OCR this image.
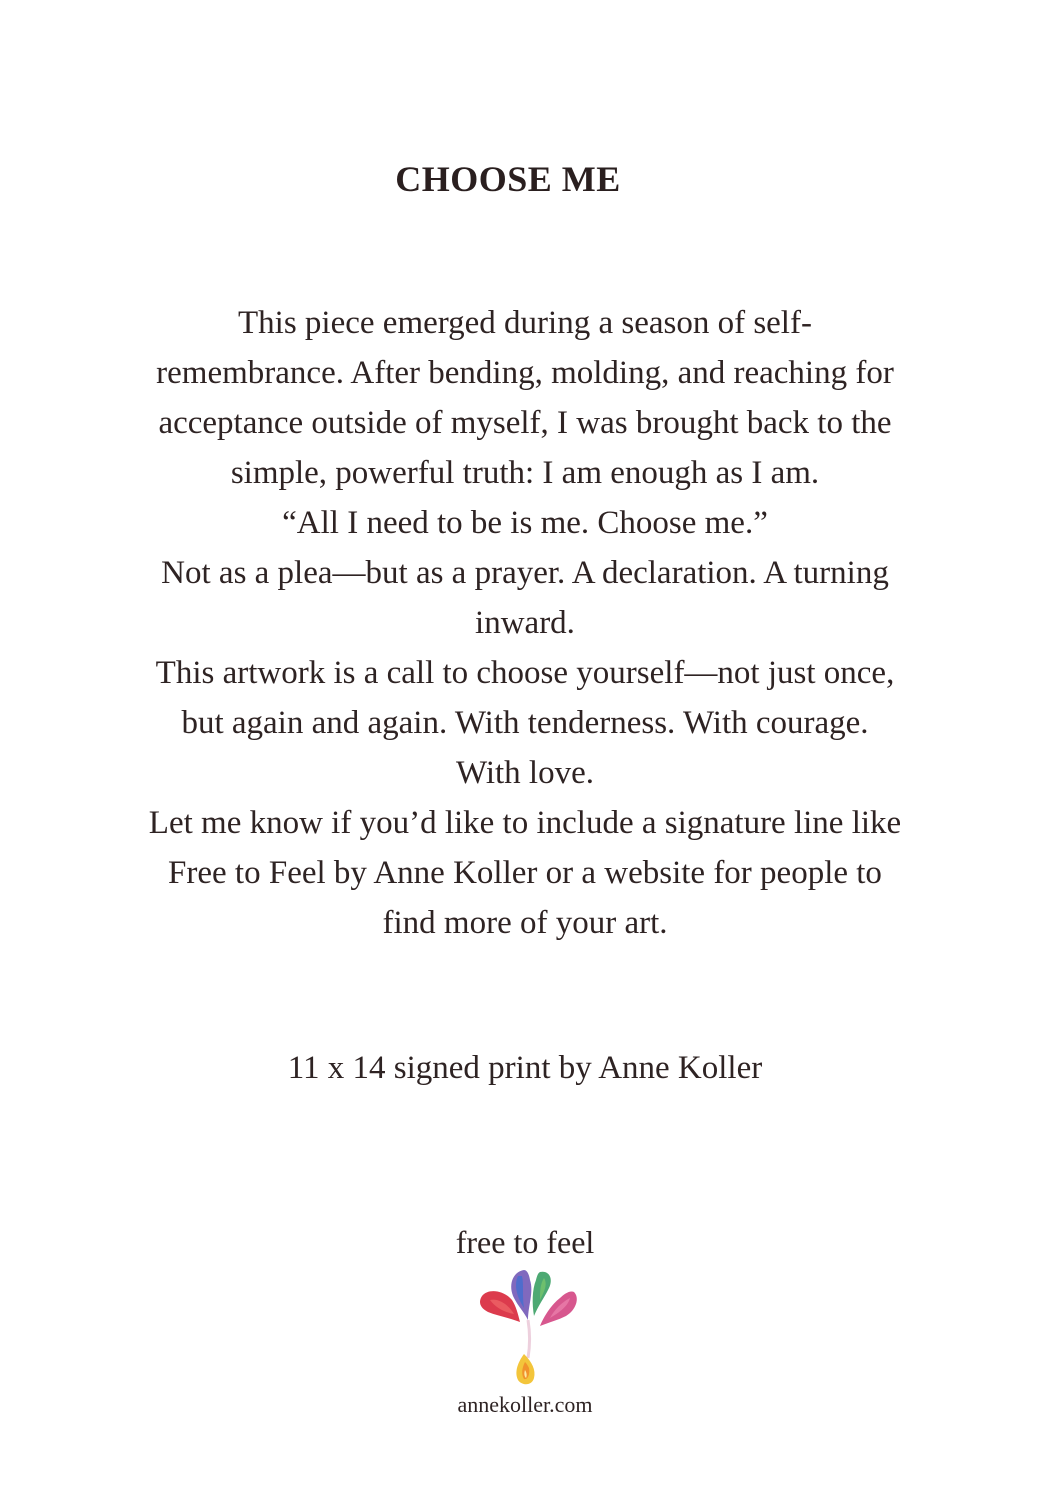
CHOOSE ME
This piece emerged during a season of self-
remembrance. After bending, molding, and reaching for
acceptance outside of myself, I was brought back to the
simple, powerful truth: I am enough as I am.
“All I need to be is me. Choose me.”
Not as a plea—but as a prayer. A declaration. A turning
inward.
This artwork is a call to choose yourself—not just once,
but again and again. With tenderness. With courage.
With love.
Let me know if you’d like to include a signature line like
Free to Feel by Anne Koller or a website for people to
find more of your art.
11 x 14 signed print by Anne Koller
free to feel
annekoller.com
